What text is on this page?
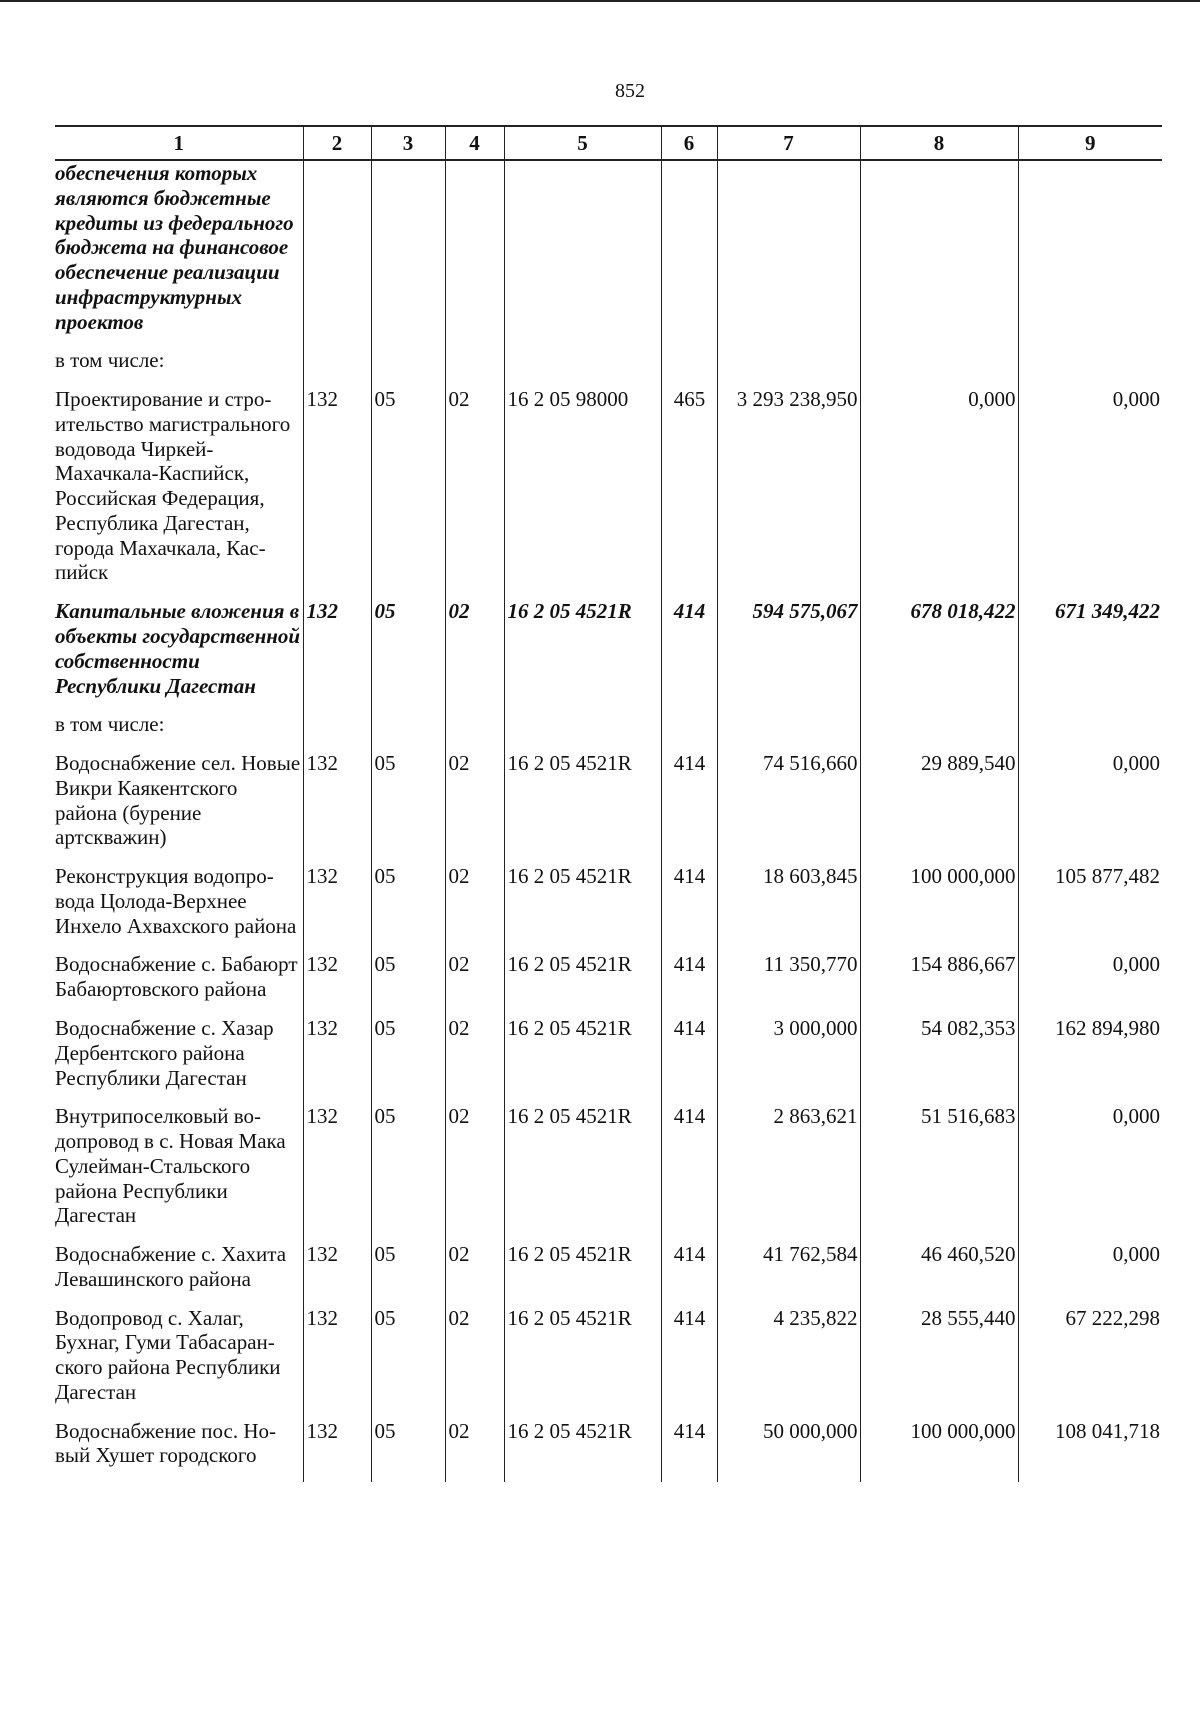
852
1	2	3	4	5	6	7	8	9
обеспечения которых являются бюджетные кредиты из федерального бюджета на финансовое обеспечение реализации инфраструктурных проектов								

в том числе:								

Проектирование и строительство магистрального водовода Чиркей-Махачкала-Каспийск, Российская Федерация, Республика Дагестан, города Махачкала, Каспийск	132	05	02	16 2 05 98000	465	3 293 238,950	0,000	0,000

Капитальные вложения в объекты государственной собственности Республики Дагестан	132	05	02	16 2 05 4521R	414	594 575,067	678 018,422	671 349,422

в том числе:								

Водоснабжение сел. Новые Викри Каякентского района (бурение артскважин)	132	05	02	16 2 05 4521R	414	74 516,660	29 889,540	0,000

Реконструкция водопровода Цолода-Верхнее Инхело Ахвахского района	132	05	02	16 2 05 4521R	414	18 603,845	100 000,000	105 877,482

Водоснабжение с. Бабаюрт Бабаюртовского района	132	05	02	16 2 05 4521R	414	11 350,770	154 886,667	0,000

Водоснабжение с. Хазар Дербентского района Республики Дагестан	132	05	02	16 2 05 4521R	414	3 000,000	54 082,353	162 894,980

Внутрипоселковый водопровод в с. Новая Мака Сулейман-Стальского района Республики Дагестан	132	05	02	16 2 05 4521R	414	2 863,621	51 516,683	0,000

Водоснабжение с. Хахита Левашинского района	132	05	02	16 2 05 4521R	414	41 762,584	46 460,520	0,000

Водопровод с. Халаг, Бухнаг, Гуми Табасаранского района Республики Дагестан	132	05	02	16 2 05 4521R	414	4 235,822	28 555,440	67 222,298

Водоснабжение пос. Новый Хушет городского	132	05	02	16 2 05 4521R	414	50 000,000	100 000,000	108 041,718
